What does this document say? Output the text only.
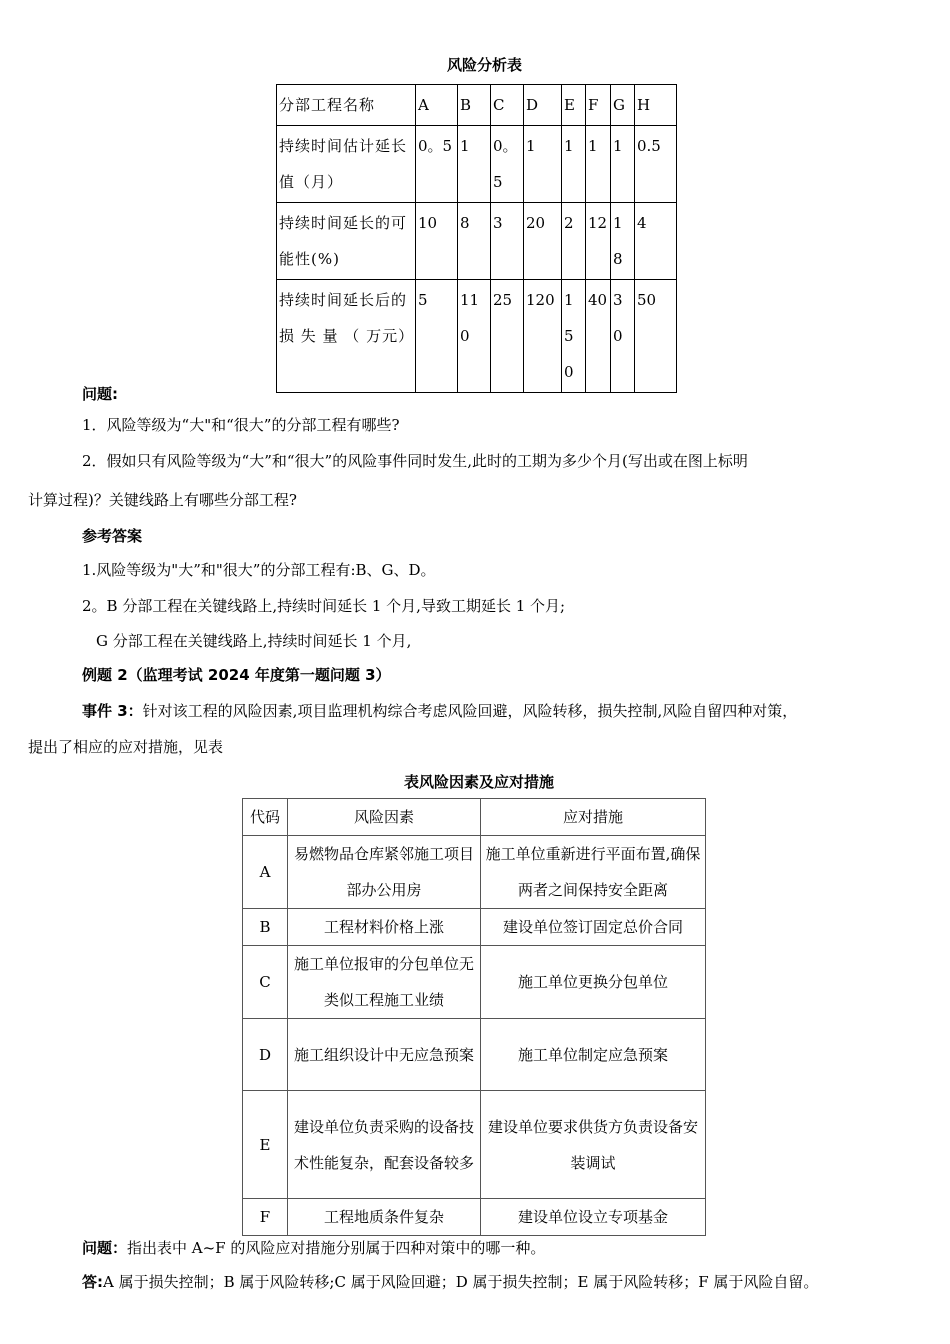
风险分析表
分部工程名称	A	B	C	D	E	F	G	H
持续时间估计延长值（月）	0。5	1	0。5	1	1	1	1	0.5
持续时间延长的可能性(%)	10	8	3	20	2	12	18	4
持续时间延长后的 损 失 量 （ 万元）	5	110	25	120	150	40	30	50
问题:
1．风险等级为“大"和“很大”的分部工程有哪些?
2．假如只有风险等级为“大”和“很大”的风险事件同时发生,此时的工期为多少个月(写出或在图上标明
计算过程)？关键线路上有哪些分部工程?
参考答案
1.风险等级为"大”和"很大”的分部工程有:B、G、D。
2。B 分部工程在关键线路上,持续时间延长 1 个月,导致工期延长 1 个月;
G 分部工程在关键线路上,持续时间延长 1 个月,
例题 2（监理考试 2024 年度第一题问题 3）
事件 3：针对该工程的风险因素,项目监理机构综合考虑风险回避，风险转移，损失控制,风险自留四种对策，
提出了相应的应对措施，见表
表风险因素及应对措施
代码	风险因素	应对措施
A	易燃物品仓库紧邻施工项目部办公用房	施工单位重新进行平面布置,确保两者之间保持安全距离
B	工程材料价格上涨	建设单位签订固定总价合同
C	施工单位报审的分包单位无类似工程施工业绩	施工单位更换分包单位
D	施工组织设计中无应急预案	施工单位制定应急预案
E	建设单位负责采购的设备技术性能复杂，配套设备较多	建设单位要求供货方负责设备安装调试
F	工程地质条件复杂	建设单位设立专项基金
问题：指出表中 A~F 的风险应对措施分别属于四种对策中的哪一种。
答:A 属于损失控制；B 属于风险转移;C 属于风险回避；D 属于损失控制；E 属于风险转移；F 属于风险自留。
